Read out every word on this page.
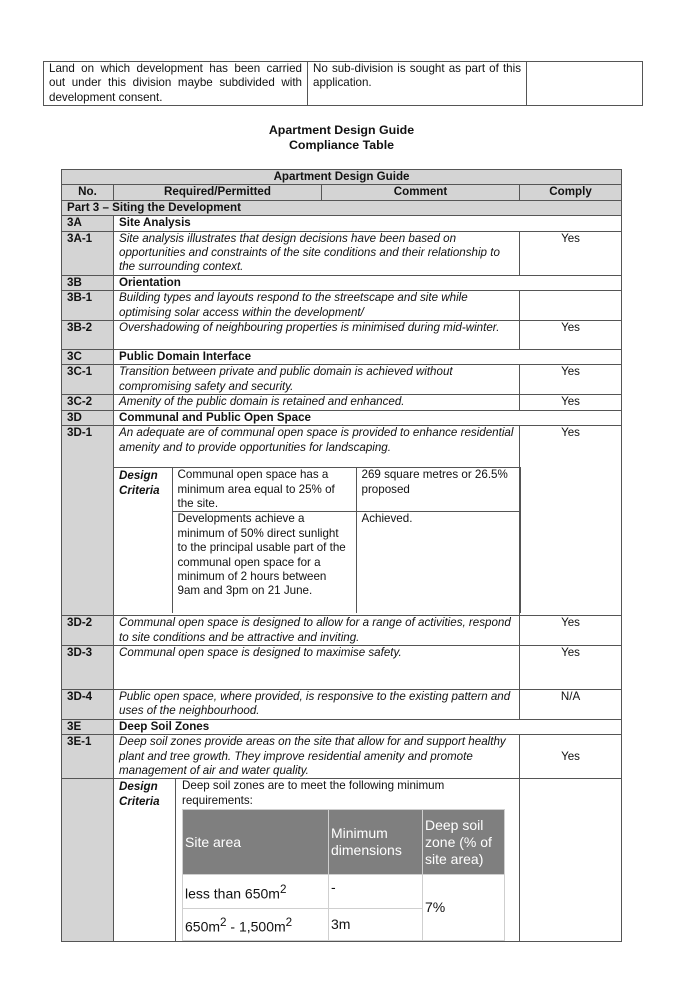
Land on which development has been carried out under this division maybe subdivided with development consent.	No sub-division is sought as part of this application.	
Apartment Design Guide
Compliance Table
Apartment Design Guide
No.	Required/Permitted	Comment	Comply
Part 3 – Siting the Development
3A	Site Analysis
3A-1	Site analysis illustrates that design decisions have been based on opportunities and constraints of the site conditions and their relationship to the surrounding context.	Yes
3B	Orientation
3B-1	Building types and layouts respond to the streetscape and site while optimising solar access within the development/	
3B-2	Overshadowing of neighbouring properties is minimised during mid-winter.	Yes
3C	Public Domain Interface
3C-1	Transition between private and public domain is achieved without compromising safety and security.	Yes
3C-2	Amenity of the public domain is retained and enhanced.	Yes
3D	Communal and Public Open Space
3D-1	An adequate are of communal open space is provided to enhance residential amenity and to provide opportunities for landscaping.
Design Criteria	Communal open space has a minimum area equal to 25% of the site.	269 square metres or 26.5% proposed
Developments achieve a minimum of 50% direct sunlight to the principal usable part of the communal open space for a minimum of 2 hours between 9am and 3pm on 21 June.	Achieved.
	Yes
3D-2	Communal open space is designed to allow for a range of activities, respond to site conditions and be attractive and inviting.	Yes
3D-3	Communal open space is designed to maximise safety.	Yes
3D-4	Public open space, where provided, is responsive to the existing pattern and uses of the neighbourhood.	N/A
3E	Deep Soil Zones
3E-1	Deep soil zones provide areas on the site that allow for and support healthy plant and tree growth. They improve residential amenity and promote management of air and water quality.	Yes

Design Criteria
Deep soil zones are to meet the following minimum requirements:
Site area	Minimum dimensions	Deep soil zone (% of site area)
less than $650m^2$	-	7%
$650m^2 - 1,500m^2$	3m
